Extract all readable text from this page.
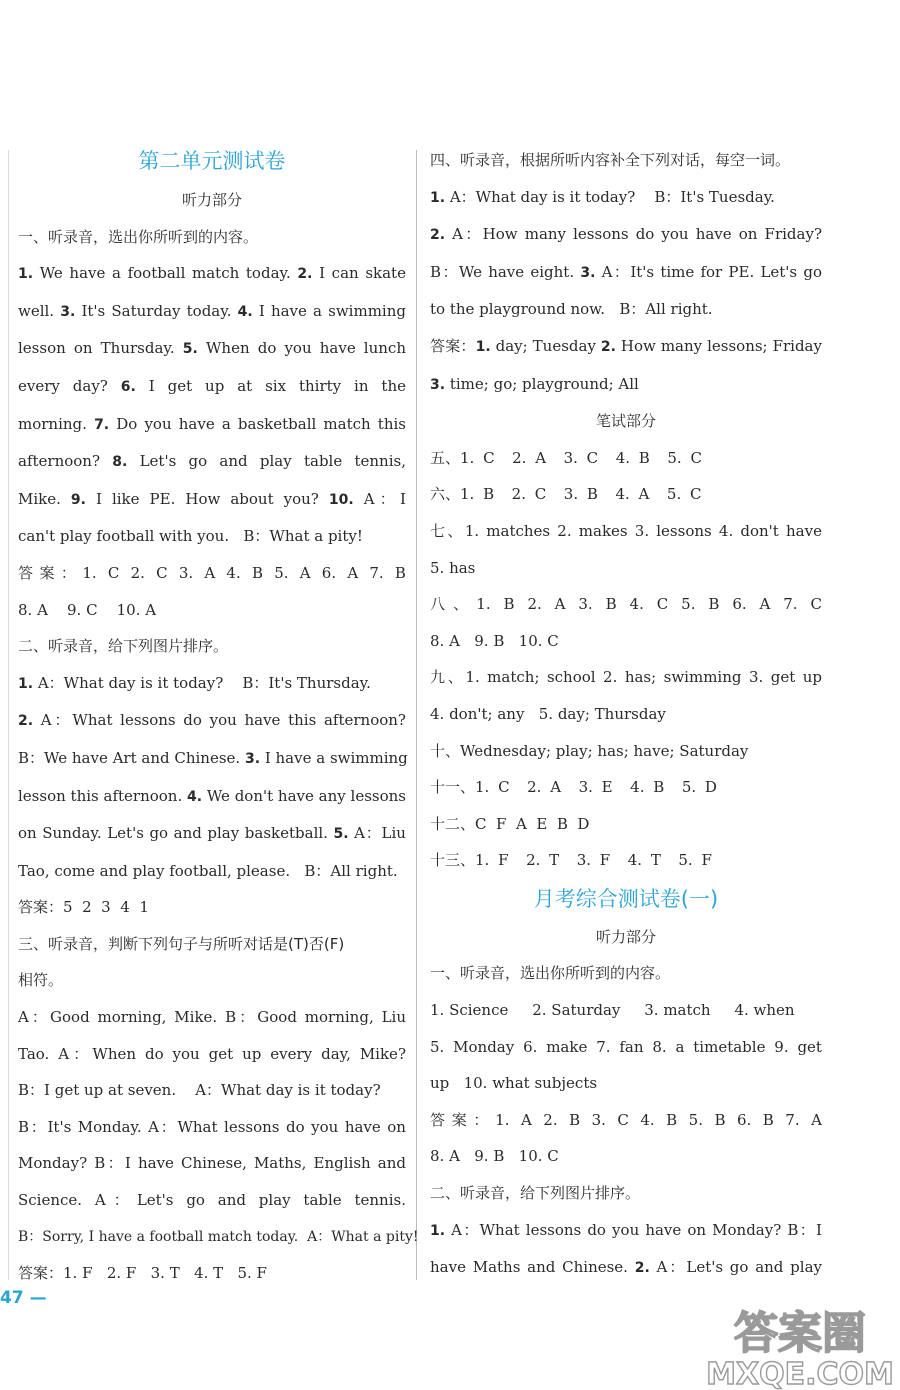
第二单元测试卷
听力部分
一、听录音，选出你所听到的内容。
1. We have a football match today. 2. I can skate
well. 3. It's Saturday today. 4. I have a swimming
lesson on Thursday. 5. When do you have lunch
every day? 6. I get up at six thirty in the
morning. 7. Do you have a basketball match this
afternoon? 8. Let's go and play table tennis,
Mike. 9. I like PE. How about you? 10. A：I
can't play football with you. B：What a pity!
答案：1. C 2. C 3. A 4. B 5. A 6. A 7. B
8. A 9. C 10. A
二、听录音，给下列图片排序。
1. A：What day is it today? B：It's Thursday.
2. A：What lessons do you have this afternoon?
B：We have Art and Chinese. 3. I have a swimming
lesson this afternoon. 4. We don't have any lessons
on Sunday. Let's go and play basketball. 5. A：Liu
Tao, come and play football, please. B：All right.
答案：5  2  3  4  1
三、听录音，判断下列句子与所听对话是(T)否(F)
相符。
A：Good morning, Mike. B：Good morning, Liu
Tao. A：When do you get up every day, Mike?
B：I get up at seven. A：What day is it today?
B：It's Monday. A：What lessons do you have on
Monday? B：I have Chinese, Maths, English and
Science. A：Let's go and play table tennis.
B：Sorry, I have a football match today. A：What a pity!
答案：1. F 2. F 3. T 4. T 5. F
四、听录音，根据所听内容补全下列对话，每空一词。
1. A：What day is it today? B：It's Tuesday.
2. A：How many lessons do you have on Friday?
B：We have eight. 3. A：It's time for PE. Let's go
to the playground now. B：All right.
答案：1. day; Tuesday 2. How many lessons; Friday
3. time; go; playground; All
笔试部分
五、1. C 2. A 3. C 4. B 5. C
六、1. B 2. C 3. B 4. A 5. C
七、1. matches 2. makes 3. lessons 4. don't have
5. has
八、1. B 2. A 3. B 4. C 5. B 6. A 7. C
8. A 9. B 10. C
九、1. match; school 2. has; swimming 3. get up
4. don't; any 5. day; Thursday
十、Wednesday; play; has; have; Saturday
十一、1. C 2. A 3. E 4. B 5. D
十二、C  F  A  E  B  D
十三、1. F 2. T 3. F 4. T 5. F
月考综合测试卷(一)
听力部分
一、听录音，选出你所听到的内容。
1. Science 2. Saturday 3. match 4. when
5. Monday 6. make 7. fan 8. a timetable 9. get
up 10. what subjects
答案：1. A 2. B 3. C 4. B 5. B 6. B 7. A
8. A 9. B 10. C
二、听录音，给下列图片排序。
1. A：What lessons do you have on Monday? B：I
have Maths and Chinese. 2. A：Let's go and play
47 —
答案圈
MXQE.COM
